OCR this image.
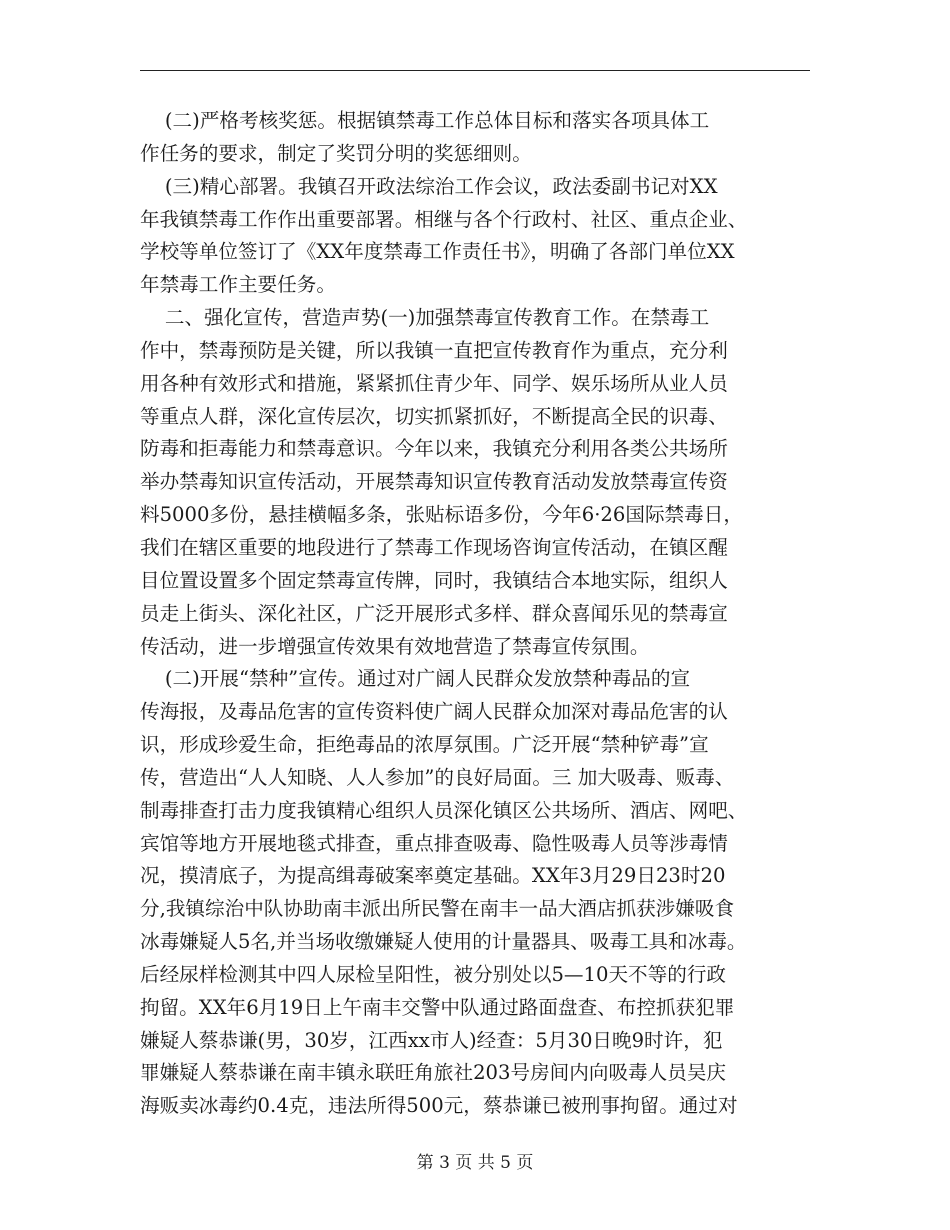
(二)严格考核奖惩。根据镇禁毒工作总体目标和落实各项具体工
作任务的要求，制定了奖罚分明的奖惩细则。
(三)精心部署。我镇召开政法综治工作会议，政法委副书记对XX
年我镇禁毒工作作出重要部署。相继与各个行政村、社区、重点企业、
学校等单位签订了《XX年度禁毒工作责任书》，明确了各部门单位XX
年禁毒工作主要任务。
二、强化宣传，营造声势(一)加强禁毒宣传教育工作。在禁毒工
作中，禁毒预防是关键，所以我镇一直把宣传教育作为重点，充分利
用各种有效形式和措施，紧紧抓住青少年、同学、娱乐场所从业人员
等重点人群，深化宣传层次，切实抓紧抓好，不断提高全民的识毒、
防毒和拒毒能力和禁毒意识。今年以来，我镇充分利用各类公共场所
举办禁毒知识宣传活动，开展禁毒知识宣传教育活动发放禁毒宣传资
料5000多份，悬挂横幅多条，张贴标语多份，今年6·26国际禁毒日，
我们在辖区重要的地段进行了禁毒工作现场咨询宣传活动，在镇区醒
目位置设置多个固定禁毒宣传牌，同时，我镇结合本地实际，组织人
员走上街头、深化社区，广泛开展形式多样、群众喜闻乐见的禁毒宣
传活动，进一步增强宣传效果有效地营造了禁毒宣传氛围。
(二)开展“禁种”宣传。通过对广阔人民群众发放禁种毒品的宣
传海报，及毒品危害的宣传资料使广阔人民群众加深对毒品危害的认
识，形成珍爱生命，拒绝毒品的浓厚氛围。广泛开展“禁种铲毒”宣
传，营造出“人人知晓、人人参加”的良好局面。三 加大吸毒、贩毒、
制毒排查打击力度我镇精心组织人员深化镇区公共场所、酒店、网吧、
宾馆等地方开展地毯式排查，重点排查吸毒、隐性吸毒人员等涉毒情
况，摸清底子，为提高缉毒破案率奠定基础。XX年3月29日23时20
分,我镇综治中队协助南丰派出所民警在南丰一品大酒店抓获涉嫌吸食
冰毒嫌疑人5名,并当场收缴嫌疑人使用的计量器具、吸毒工具和冰毒。
后经尿样检测其中四人尿检呈阳性，被分别处以5—10天不等的行政
拘留。XX年6月19日上午南丰交警中队通过路面盘查、布控抓获犯罪
嫌疑人蔡恭谦(男，30岁，江西xx市人)经查：5月30日晚9时许，犯
罪嫌疑人蔡恭谦在南丰镇永联旺角旅社203号房间内向吸毒人员吴庆
海贩卖冰毒约0.4克，违法所得500元，蔡恭谦已被刑事拘留。通过对
第 3 页 共 5 页
